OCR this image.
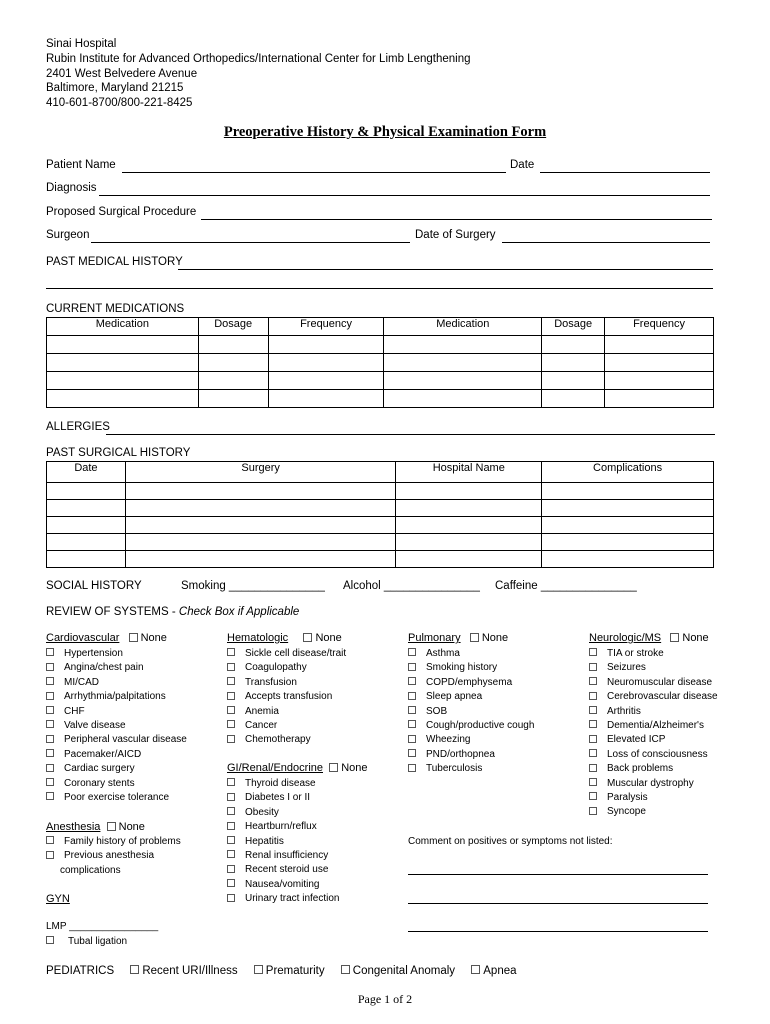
Sinai Hospital
Rubin Institute for Advanced Orthopedics/International Center for Limb Lengthening
2401 West Belvedere Avenue
Baltimore, Maryland 21215
410-601-8700/800-221-8425
Preoperative History & Physical Examination Form
Patient Name	Date
Diagnosis
Proposed Surgical Procedure
Surgeon	Date of Surgery
PAST MEDICAL HISTORY
CURRENT MEDICATIONS
Medication	Dosage	Frequency	Medication	Dosage	Frequency

ALLERGIES
PAST SURGICAL HISTORY
Date	Surgery	Hospital Name	Complications

SOCIAL HISTORY	Smoking _______________ Alcohol _______________ Caffeine _______________
REVIEW OF SYSTEMS - Check Box if Applicable
Cardiovascular None
Hypertension
Angina/chest pain
MI/CAD
Arrhythmia/palpitations
CHF
Valve disease
Peripheral vascular disease
Pacemaker/AICD
Cardiac surgery
Coronary stents
Poor exercise tolerance
Anesthesia None
Family history of problems
Previous anesthesia
complications
GYN
LMP ________________
Tubal ligation
Hematologic None
Sickle cell disease/trait
Coagulopathy
Transfusion
Accepts transfusion
Anemia
Cancer
Chemotherapy
GI/Renal/Endocrine None
Thyroid disease
Diabetes I or II
Obesity
Heartburn/reflux
Hepatitis
Renal insufficiency
Recent steroid use
Nausea/vomiting
Urinary tract infection
Pulmonary None
Asthma
Smoking history
COPD/emphysema
Sleep apnea
SOB
Cough/productive cough
Wheezing
PND/orthopnea
Tuberculosis
Comment on positives or symptoms not listed:
Neurologic/MS None
TIA or stroke
Seizures
Neuromuscular disease
Cerebrovascular disease
Arthritis
Dementia/Alzheimer's
Elevated ICP
Loss of consciousness
Back problems
Muscular dystrophy
Paralysis
Syncope
PEDIATRICS Recent URI/Illness Prematurity Congenital Anomaly Apnea
Page 1 of 2
